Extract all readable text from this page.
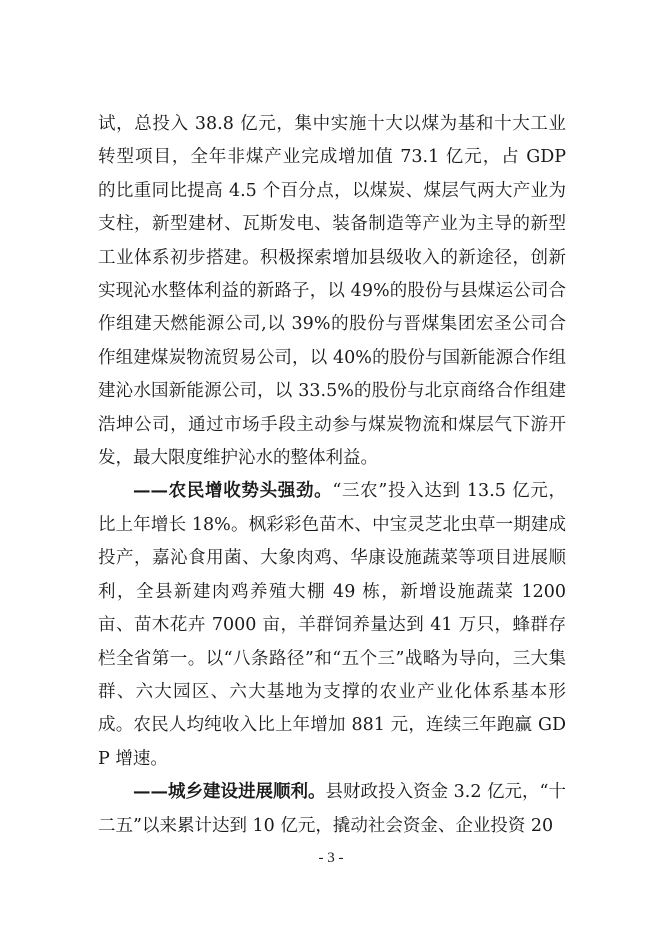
试，总投入 38.8 亿元，集中实施十大以煤为基和十大工业转型项目，全年非煤产业完成增加值 73.1 亿元，占 GDP 的比重同比提高 4.5 个百分点，以煤炭、煤层气两大产业为支柱，新型建材、瓦斯发电、装备制造等产业为主导的新型工业体系初步搭建。积极探索增加县级收入的新途径，创新实现沁水整体利益的新路子，以 49%的股份与县煤运公司合作组建天燃能源公司,以 39%的股份与晋煤集团宏圣公司合作组建煤炭物流贸易公司，以 40%的股份与国新能源合作组建沁水国新能源公司，以 33.5%的股份与北京商络合作组建浩坤公司，通过市场手段主动参与煤炭物流和煤层气下游开发，最大限度维护沁水的整体利益。

——农民增收势头强劲。“三农”投入达到 13.5 亿元，比上年增长 18%。枫彩彩色苗木、中宝灵芝北虫草一期建成投产，嘉沁食用菌、大象肉鸡、华康设施蔬菜等项目进展顺利，全县新建肉鸡养殖大棚 49 栋，新增设施蔬菜 1200 亩、苗木花卉 7000 亩，羊群饲养量达到 41 万只，蜂群存栏全省第一。以“八条路径”和“五个三”战略为导向，三大集群、六大园区、六大基地为支撑的农业产业化体系基本形成。农民人均纯收入比上年增加 881 元，连续三年跑赢 GDP 增速。

——城乡建设进展顺利。县财政投入资金 3.2 亿元，“十二五”以来累计达到 10 亿元，撬动社会资金、企业投资 20

- 3 -
